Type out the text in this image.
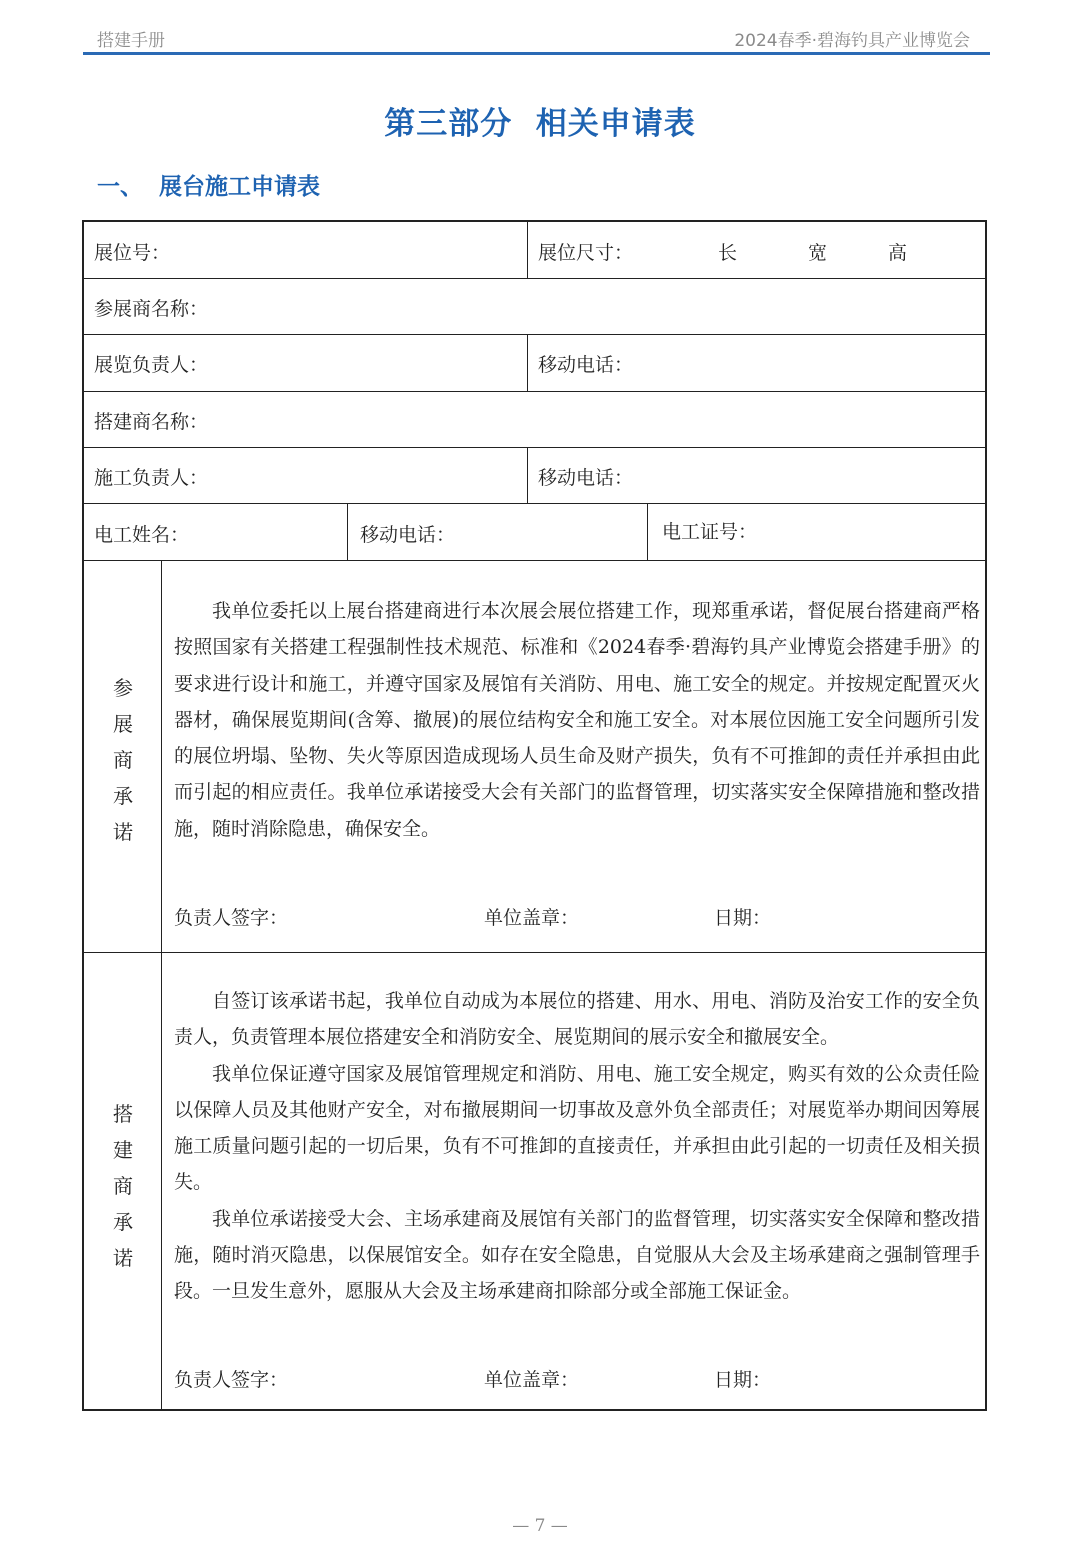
搭建手册	2024春季·碧海钓具产业博览会
第三部分  相关申请表
一、 展台施工申请表
展位号：	展位尺寸：	长	宽	高
参展商名称：
展览负责人：	移动电话：
搭建商名称：
施工负责人：	移动电话：
电工姓名：	移动电话：	电工证号：
参
展
商
承
诺

我单位委托以上展台搭建商进行本次展会展位搭建工作，现郑重承诺，督促展台搭建商严格按照国家有关搭建工程强制性技术规范、标准和《2024春季·碧海钓具产业博览会搭建手册》的要求进行设计和施工，并遵守国家及展馆有关消防、用电、施工安全的规定。并按规定配置灭火器材，确保展览期间(含筹、撤展)的展位结构安全和施工安全。对本展位因施工安全问题所引发的展位坍塌、坠物、失火等原因造成现场人员生命及财产损失，负有不可推卸的责任并承担由此而引起的相应责任。我单位承诺接受大会有关部门的监督管理，切实落实安全保障措施和整改措施，随时消除隐患，确保安全。

负责人签字：	单位盖章：	日期：
搭
建
商
承
诺

自签订该承诺书起，我单位自动成为本展位的搭建、用水、用电、消防及治安工作的安全负责人，负责管理本展位搭建安全和消防安全、展览期间的展示安全和撤展安全。

我单位保证遵守国家及展馆管理规定和消防、用电、施工安全规定，购买有效的公众责任险以保障人员及其他财产安全，对布撤展期间一切事故及意外负全部责任；对展览举办期间因筹展施工质量问题引起的一切后果，负有不可推卸的直接责任，并承担由此引起的一切责任及相关损失。

我单位承诺接受大会、主场承建商及展馆有关部门的监督管理，切实落实安全保障和整改措施，随时消灭隐患，以保展馆安全。如存在安全隐患，自觉服从大会及主场承建商之强制管理手段。一旦发生意外，愿服从大会及主场承建商扣除部分或全部施工保证金。

负责人签字：	单位盖章：	日期：
— 7 —
